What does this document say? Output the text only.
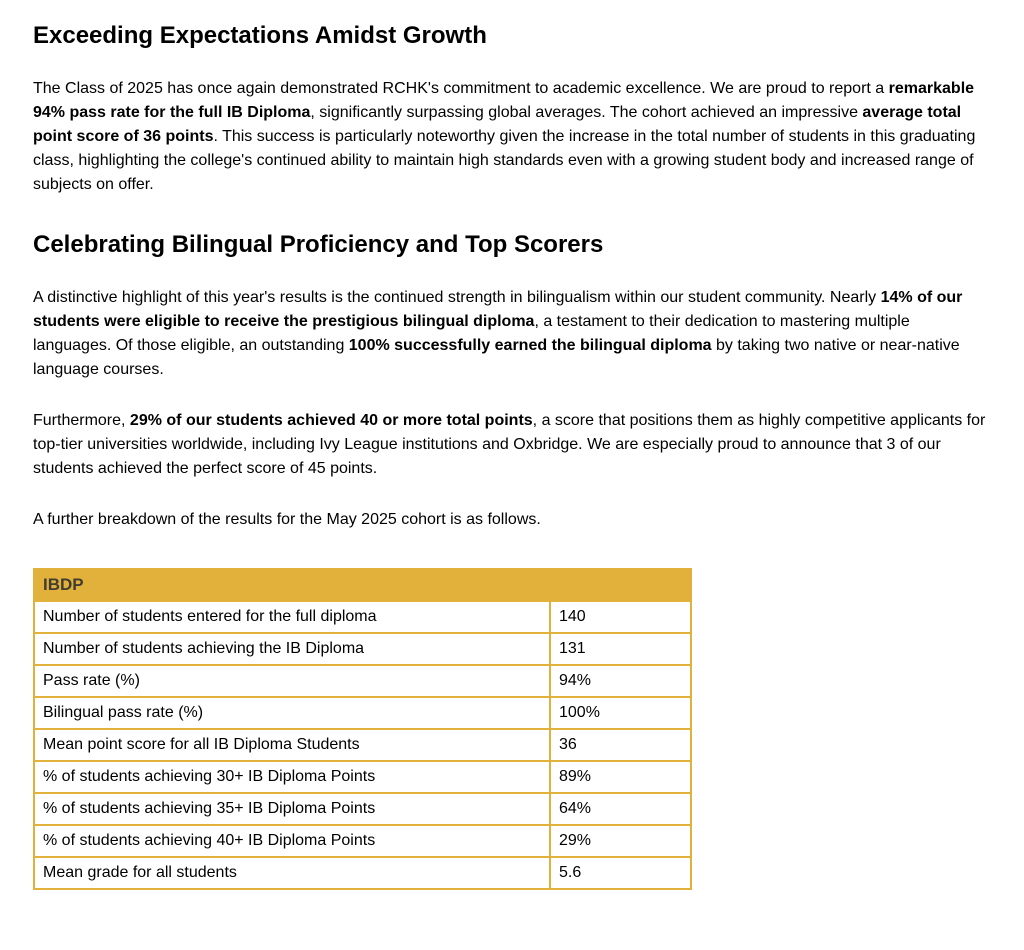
Exceeding Expectations Amidst Growth

The Class of 2025 has once again demonstrated RCHK's commitment to academic excellence. We are proud to report a remarkable 94% pass rate for the full IB Diploma, significantly surpassing global averages. The cohort achieved an impressive average total point score of 36 points. This success is particularly noteworthy given the increase in the total number of students in this graduating class, highlighting the college's continued ability to maintain high standards even with a growing student body and increased range of subjects on offer.

Celebrating Bilingual Proficiency and Top Scorers

A distinctive highlight of this year's results is the continued strength in bilingualism within our student community. Nearly 14% of our students were eligible to receive the prestigious bilingual diploma, a testament to their dedication to mastering multiple languages. Of those eligible, an outstanding 100% successfully earned the bilingual diploma by taking two native or near-native language courses.

Furthermore, 29% of our students achieved 40 or more total points, a score that positions them as highly competitive applicants for top-tier universities worldwide, including Ivy League institutions and Oxbridge. We are especially proud to announce that 3 of our students achieved the perfect score of 45 points.

A further breakdown of the results for the May 2025 cohort is as follows.

IBDP	
Number of students entered for the full diploma	140
Number of students achieving the IB Diploma	131
Pass rate (%)	94%
Bilingual pass rate (%)	100%
Mean point score for all IB Diploma Students	36
% of students achieving 30+ IB Diploma Points	89%
% of students achieving 35+ IB Diploma Points	64%
% of students achieving 40+ IB Diploma Points	29%
Mean grade for all students	5.6
